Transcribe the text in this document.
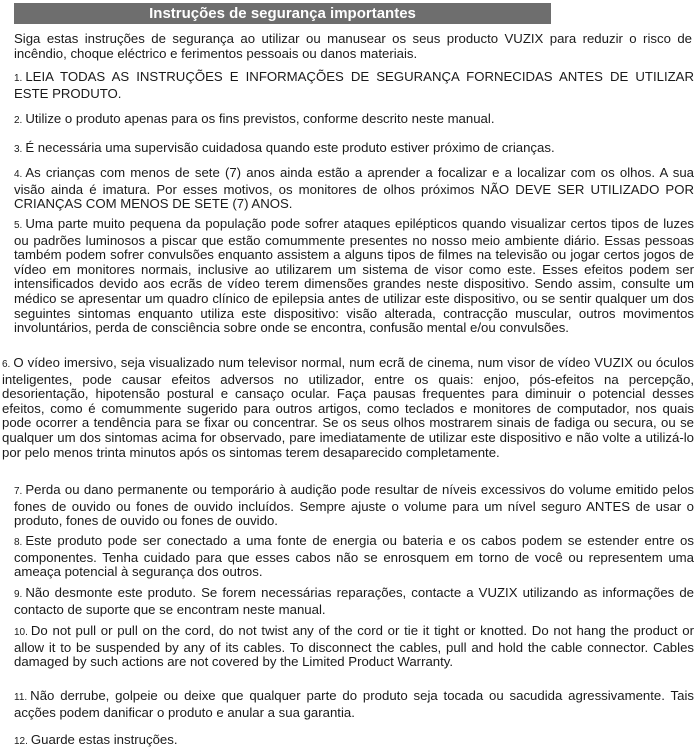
Instruções de segurança importantes

Siga estas instruções de segurança ao utilizar ou manusear os seus producto VUZIX para reduzir o risco de incêndio, choque eléctrico e ferimentos pessoais ou danos materiais.

1. LEIA TODAS AS INSTRUÇÕES E INFORMAÇÕES DE SEGURANÇA FORNECIDAS ANTES DE UTILIZAR ESTE PRODUTO.

2. Utilize o produto apenas para os fins previstos, conforme descrito neste manual.

3. É necessária uma supervisão cuidadosa quando este produto estiver próximo de crianças.

4. As crianças com menos de sete (7) anos ainda estão a aprender a focalizar e a localizar com os olhos. A sua visão ainda é imatura. Por esses motivos, os monitores de olhos próximos NÃO DEVE SER UTILIZADO POR CRIANÇAS COM MENOS DE SETE (7) ANOS.

5. Uma parte muito pequena da população pode sofrer ataques epilépticos quando visualizar certos tipos de luzes ou padrões luminosos a piscar que estão comummente presentes no nosso meio ambiente diário. Essas pessoas também podem sofrer convulsões enquanto assistem a alguns tipos de filmes na televisão ou jogar certos jogos de vídeo em monitores normais, inclusive ao utilizarem um sistema de visor como este. Esses efeitos podem ser intensificados devido aos ecrãs de vídeo terem dimensões grandes neste dispositivo. Sendo assim, consulte um médico se apresentar um quadro clínico de epilepsia antes de utilizar este dispositivo, ou se sentir qualquer um dos seguintes sintomas enquanto utiliza este dispositivo: visão alterada, contracção muscular, outros movimentos involuntários, perda de consciência sobre onde se encontra, confusão mental e/ou convulsões.

6. O vídeo imersivo, seja visualizado num televisor normal, num ecrã de cinema, num visor de vídeo VUZIX ou óculos inteligentes, pode causar efeitos adversos no utilizador, entre os quais: enjoo, pós-efeitos na percepção, desorientação, hipotensão postural e cansaço ocular. Faça pausas frequentes para diminuir o potencial desses efeitos, como é comummente sugerido para outros artigos, como teclados e monitores de computador, nos quais pode ocorrer a tendência para se fixar ou concentrar. Se os seus olhos mostrarem sinais de fadiga ou secura, ou se qualquer um dos sintomas acima for observado, pare imediatamente de utilizar este dispositivo e não volte a utilizá-lo por pelo menos trinta minutos após os sintomas terem desaparecido completamente.

7. Perda ou dano permanente ou temporário à audição pode resultar de níveis excessivos do volume emitido pelos fones de ouvido ou fones de ouvido incluídos. Sempre ajuste o volume para um nível seguro ANTES de usar o produto, fones de ouvido ou fones de ouvido.

8. Este produto pode ser conectado a uma fonte de energia ou bateria e os cabos podem se estender entre os componentes. Tenha cuidado para que esses cabos não se enrosquem em torno de você ou representem uma ameaça potencial à segurança dos outros.

9. Não desmonte este produto. Se forem necessárias reparações, contacte a VUZIX utilizando as informações de contacto de suporte que se encontram neste manual.

10. Do not pull or pull on the cord, do not twist any of the cord or tie it tight or knotted. Do not hang the product or allow it to be suspended by any of its cables. To disconnect the cables, pull and hold the cable connector. Cables damaged by such actions are not covered by the Limited Product Warranty.

11. Não derrube, golpeie ou deixe que qualquer parte do produto seja tocada ou sacudida agressivamente. Tais acções podem danificar o produto e anular a sua garantia.

12. Guarde estas instruções.
